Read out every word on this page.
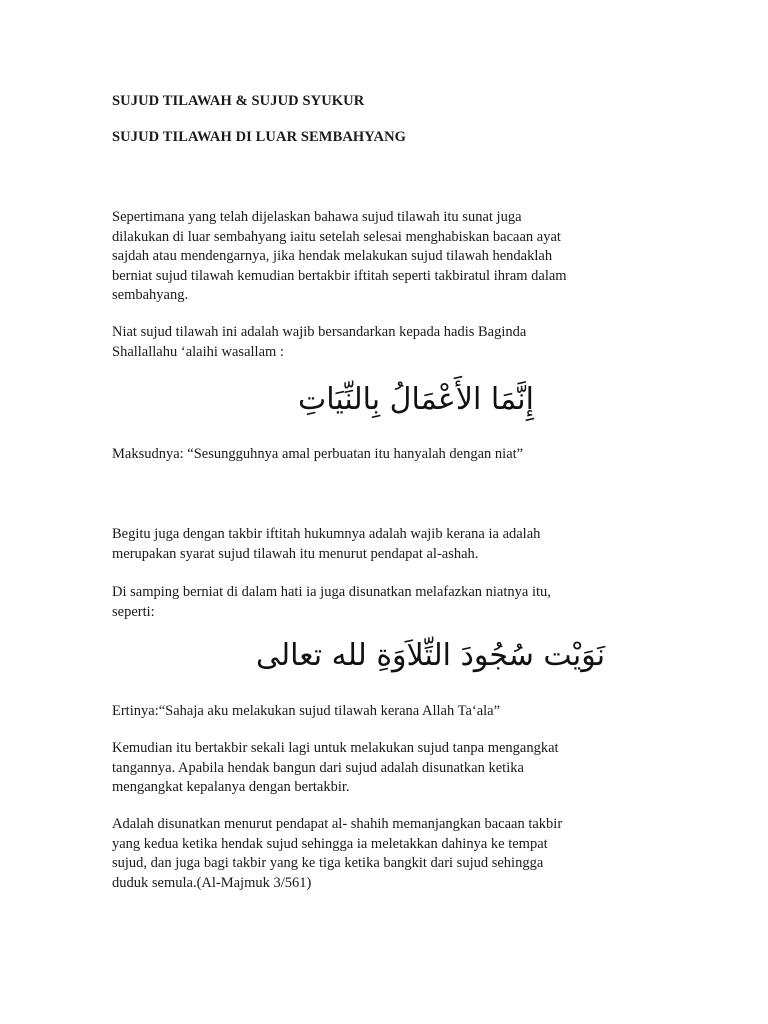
SUJUD TILAWAH & SUJUD SYUKUR
SUJUD TILAWAH DI LUAR SEMBAHYANG
Sepertimana yang telah dijelaskan bahawa sujud tilawah itu sunat juga
dilakukan di luar sembahyang iaitu setelah selesai menghabiskan bacaan ayat
sajdah atau mendengarnya, jika hendak melakukan sujud tilawah hendaklah
berniat sujud tilawah kemudian bertakbir iftitah seperti takbiratul ihram dalam
sembahyang.
Niat sujud tilawah ini adalah wajib bersandarkan kepada hadis Baginda
Shallallahu ‘alaihi wasallam :
إِنَّمَا الأَعْمَالُ بِالنِّيَاتِ
Maksudnya: “Sesungguhnya amal perbuatan itu hanyalah dengan niat”
Begitu juga dengan takbir iftitah hukumnya adalah wajib kerana ia adalah
merupakan syarat sujud tilawah itu menurut pendapat al-ashah.
Di samping berniat di dalam hati ia juga disunatkan melafazkan niatnya itu,
seperti:
نَوَيْت سُجُودَ التِّلاَوَةِ لله تعالى
Ertinya:“Sahaja aku melakukan sujud tilawah kerana Allah Ta‘ala”
Kemudian itu bertakbir sekali lagi untuk melakukan sujud tanpa mengangkat
tangannya. Apabila hendak bangun dari sujud adalah disunatkan ketika
mengangkat kepalanya dengan bertakbir.
Adalah disunatkan menurut pendapat al- shahih memanjangkan bacaan takbir
yang kedua ketika hendak sujud sehingga ia meletakkan dahinya ke tempat
sujud, dan juga bagi takbir yang ke tiga ketika bangkit dari sujud sehingga
duduk semula.(Al-Majmuk 3/561)
